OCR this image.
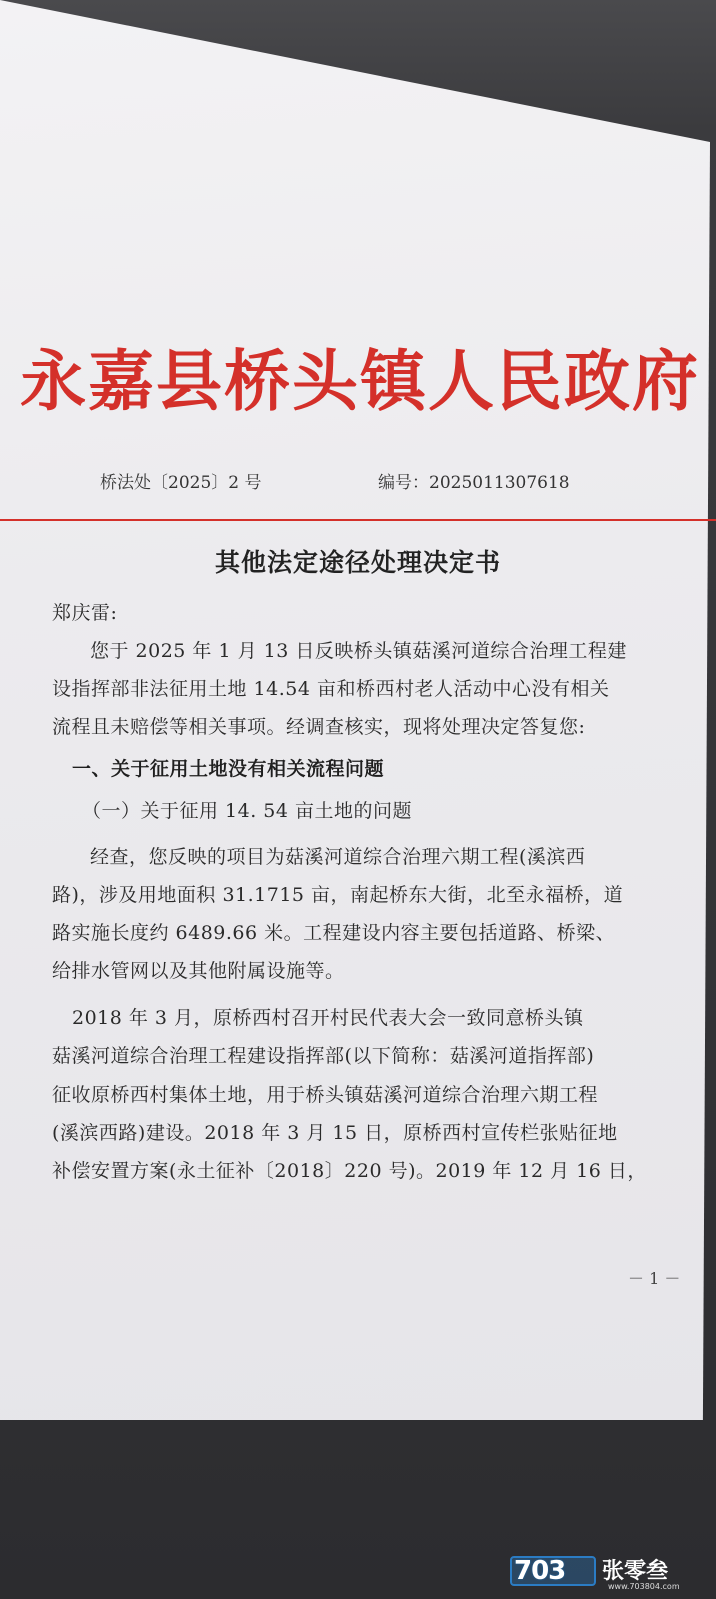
永嘉县桥头镇人民政府
桥法处〔2025〕2 号	编号：2025011307618
其他法定途径处理决定书
郑庆雷:
您于 2025 年 1 月 13 日反映桥头镇菇溪河道综合治理工程建
设指挥部非法征用土地 14.54 亩和桥西村老人活动中心没有相关
流程且未赔偿等相关事项。经调查核实，现将处理决定答复您:
一、关于征用土地没有相关流程问题
（一）关于征用 14. 54 亩土地的问题
经查，您反映的项目为菇溪河道综合治理六期工程(溪滨西
路)，涉及用地面积 31.1715 亩，南起桥东大街，北至永福桥，道
路实施长度约 6489.66 米。工程建设内容主要包括道路、桥梁、
给排水管网以及其他附属设施等。
2018 年 3 月，原桥西村召开村民代表大会一致同意桥头镇
菇溪河道综合治理工程建设指挥部(以下简称：菇溪河道指挥部)
征收原桥西村集体土地，用于桥头镇菇溪河道综合治理六期工程
(溪滨西路)建设。2018 年 3 月 15 日，原桥西村宣传栏张贴征地
补偿安置方案(永土征补〔2018〕220 号)。2019 年 12 月 16 日，
－ 1 －
703 张零叁
www.703804.com
